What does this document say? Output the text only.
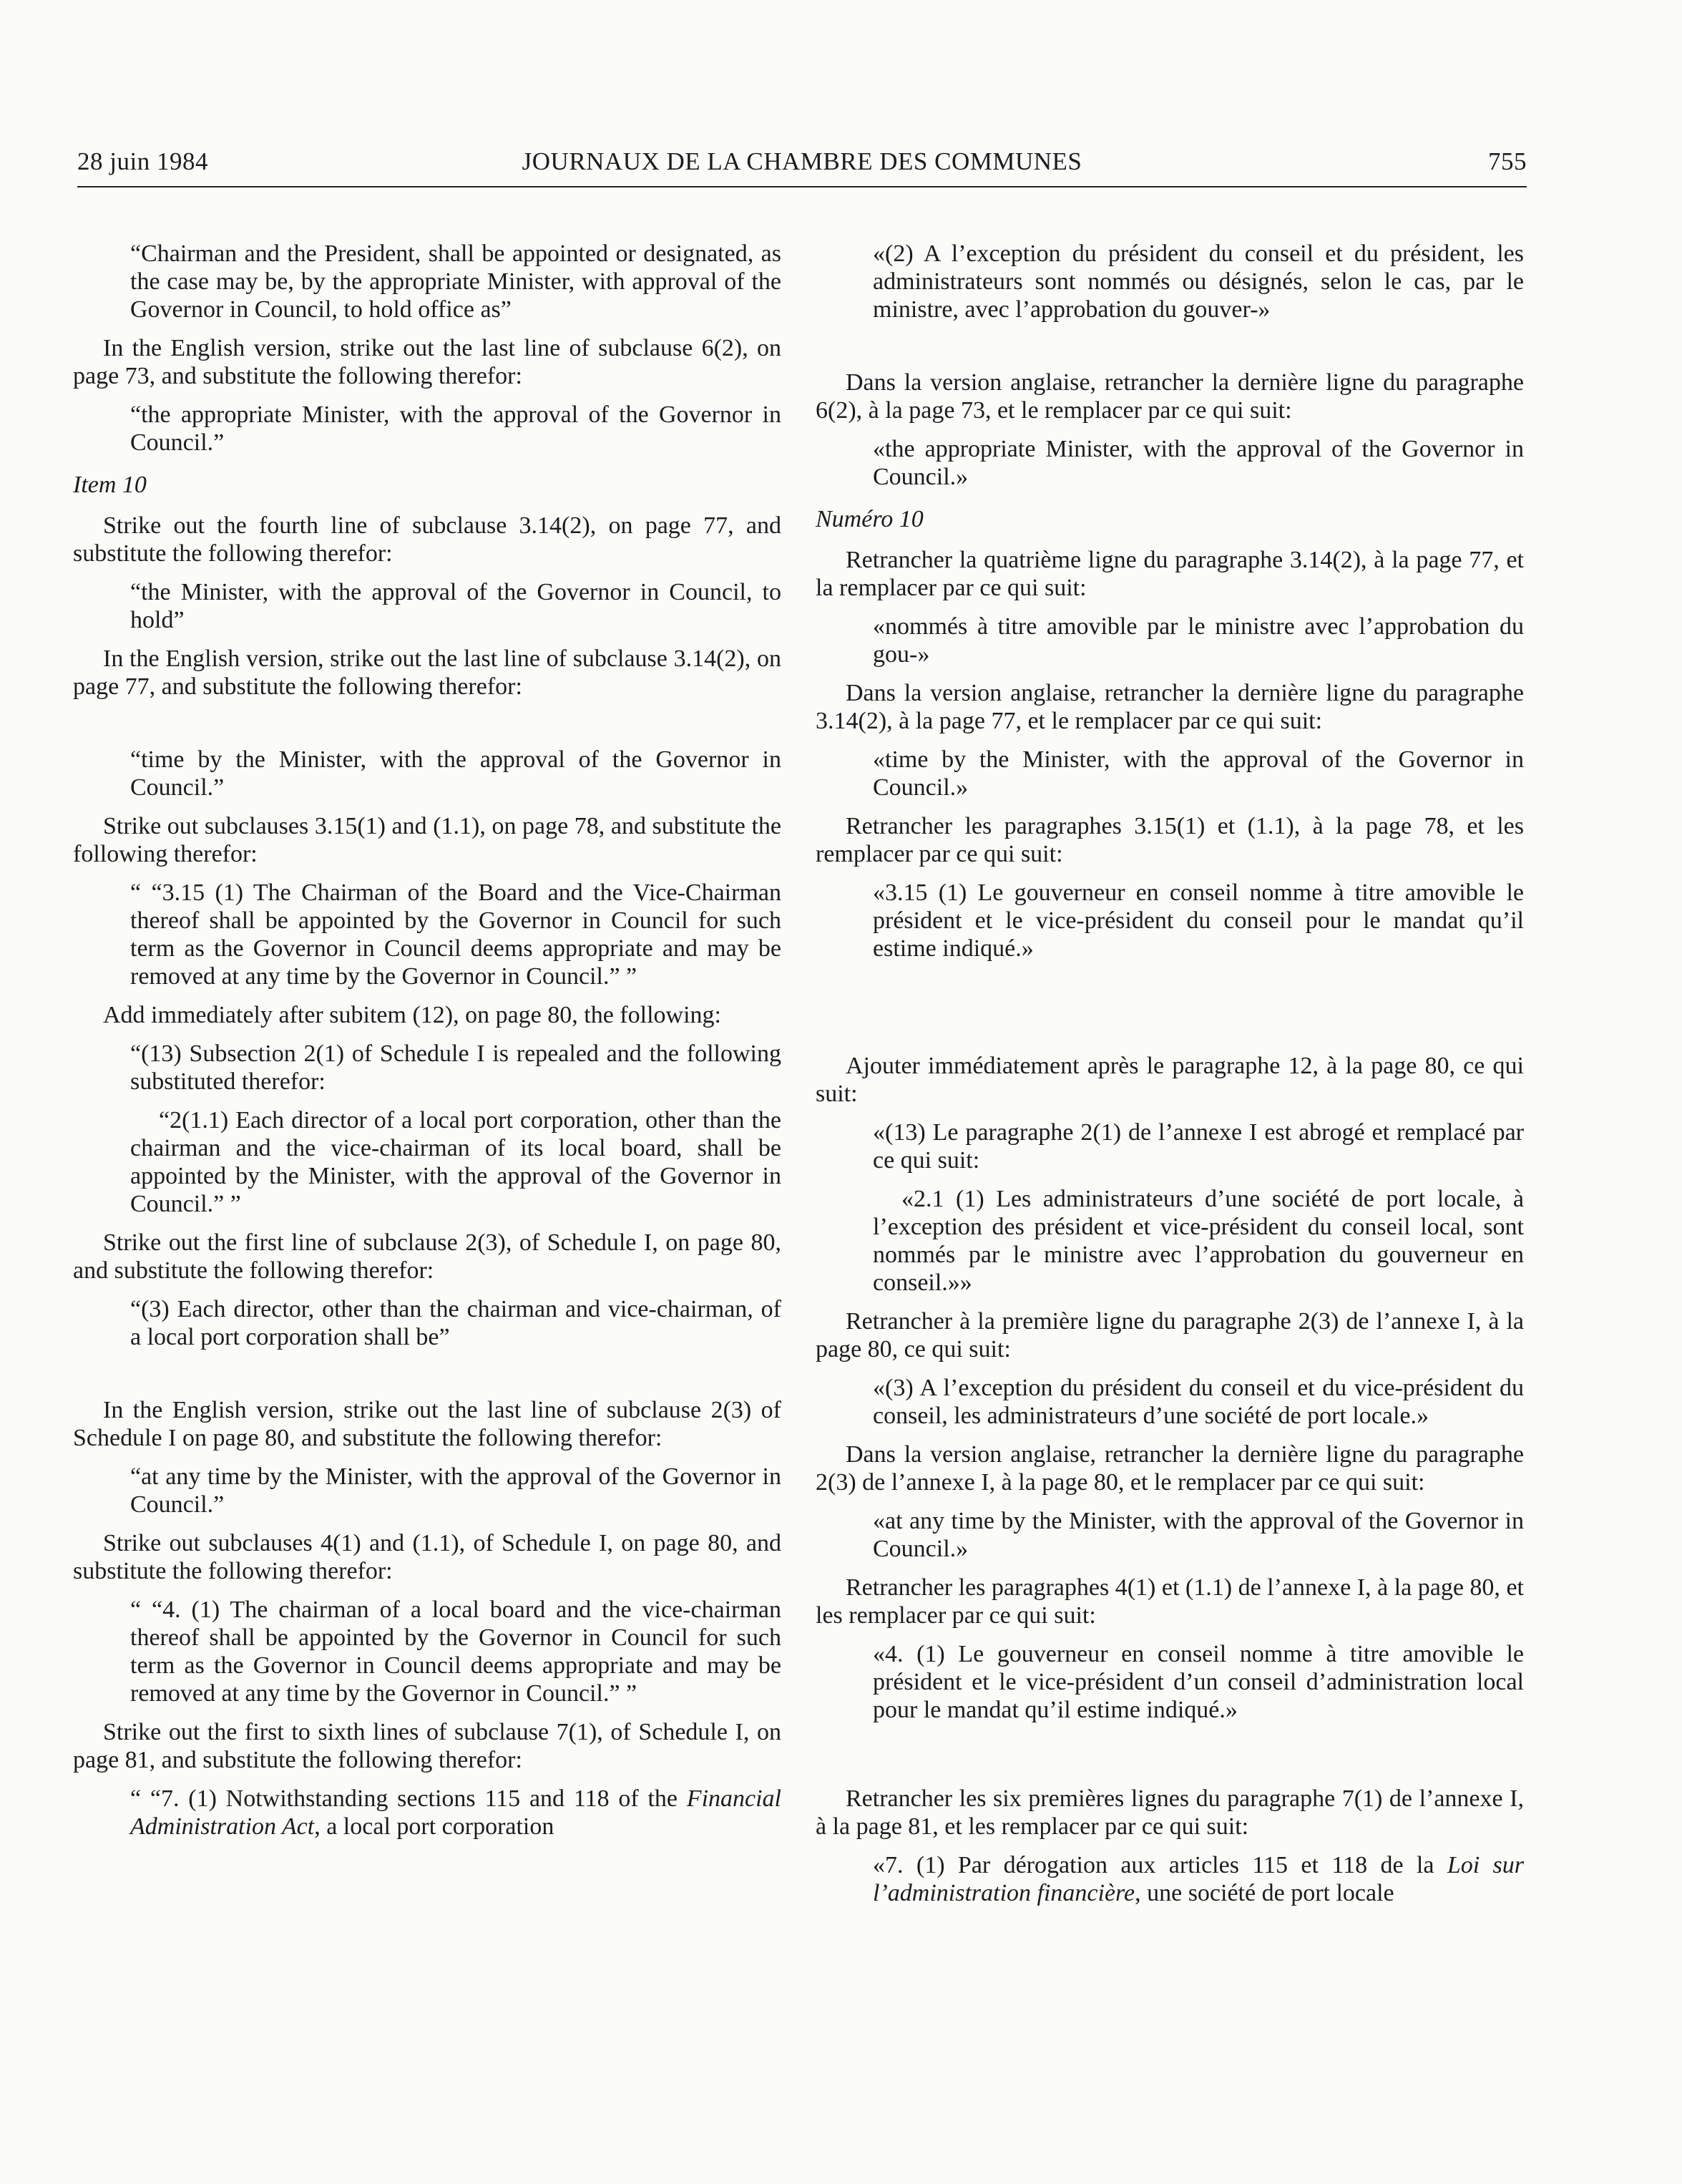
28 juin 1984	JOURNAUX DE LA CHAMBRE DES COMMUNES	755

“Chairman and the President, shall be appointed or designated, as the case may be, by the appropriate Minister, with approval of the Governor in Council, to hold office as”

In the English version, strike out the last line of subclause 6(2), on page 73, and substitute the following therefor:

“the appropriate Minister, with the approval of the Governor in Council.”

Item 10

Strike out the fourth line of subclause 3.14(2), on page 77, and substitute the following therefor:

“the Minister, with the approval of the Governor in Council, to hold”

In the English version, strike out the last line of subclause 3.14(2), on page 77, and substitute the following therefor:

“time by the Minister, with the approval of the Governor in Council.”

Strike out subclauses 3.15(1) and (1.1), on page 78, and substitute the following therefor:

“ “3.15 (1) The Chairman of the Board and the Vice-Chairman thereof shall be appointed by the Governor in Council for such term as the Governor in Council deems appropriate and may be removed at any time by the Governor in Council.” ”

Add immediately after subitem (12), on page 80, the following:

“(13) Subsection 2(1) of Schedule I is repealed and the following substituted therefor:

“2(1.1) Each director of a local port corporation, other than the chairman and the vice-chairman of its local board, shall be appointed by the Minister, with the approval of the Governor in Council.” ”

Strike out the first line of subclause 2(3), of Schedule I, on page 80, and substitute the following therefor:

“(3) Each director, other than the chairman and vice-chairman, of a local port corporation shall be”

In the English version, strike out the last line of subclause 2(3) of Schedule I on page 80, and substitute the following therefor:

“at any time by the Minister, with the approval of the Governor in Council.”

Strike out subclauses 4(1) and (1.1), of Schedule I, on page 80, and substitute the following therefor:

“ “4. (1) The chairman of a local board and the vice-chairman thereof shall be appointed by the Governor in Council for such term as the Governor in Council deems appropriate and may be removed at any time by the Governor in Council.” ”

Strike out the first to sixth lines of subclause 7(1), of Schedule I, on page 81, and substitute the following therefor:

“ “7. (1) Notwithstanding sections 115 and 118 of the Financial Administration Act, a local port corporation

«(2) A l’exception du président du conseil et du président, les administrateurs sont nommés ou désignés, selon le cas, par le ministre, avec l’approbation du gouver-»

Dans la version anglaise, retrancher la dernière ligne du paragraphe 6(2), à la page 73, et le remplacer par ce qui suit:

«the appropriate Minister, with the approval of the Governor in Council.»

Numéro 10

Retrancher la quatrième ligne du paragraphe 3.14(2), à la page 77, et la remplacer par ce qui suit:

«nommés à titre amovible par le ministre avec l’approbation du gou-»

Dans la version anglaise, retrancher la dernière ligne du paragraphe 3.14(2), à la page 77, et le remplacer par ce qui suit:

«time by the Minister, with the approval of the Governor in Council.»

Retrancher les paragraphes 3.15(1) et (1.1), à la page 78, et les remplacer par ce qui suit:

«3.15 (1) Le gouverneur en conseil nomme à titre amovible le président et le vice-président du conseil pour le mandat qu’il estime indiqué.»

Ajouter immédiatement après le paragraphe 12, à la page 80, ce qui suit:

«(13) Le paragraphe 2(1) de l’annexe I est abrogé et remplacé par ce qui suit:

«2.1 (1) Les administrateurs d’une société de port locale, à l’exception des président et vice-président du conseil local, sont nommés par le ministre avec l’approbation du gouverneur en conseil.»»

Retrancher à la première ligne du paragraphe 2(3) de l’annexe I, à la page 80, ce qui suit:

«(3) A l’exception du président du conseil et du vice-président du conseil, les administrateurs d’une société de port locale.»

Dans la version anglaise, retrancher la dernière ligne du paragraphe 2(3) de l’annexe I, à la page 80, et le remplacer par ce qui suit:

«at any time by the Minister, with the approval of the Governor in Council.»

Retrancher les paragraphes 4(1) et (1.1) de l’annexe I, à la page 80, et les remplacer par ce qui suit:

«4. (1) Le gouverneur en conseil nomme à titre amovible le président et le vice-président d’un conseil d’administration local pour le mandat qu’il estime indiqué.»

Retrancher les six premières lignes du paragraphe 7(1) de l’annexe I, à la page 81, et les remplacer par ce qui suit:

«7. (1) Par dérogation aux articles 115 et 118 de la Loi sur l’administration financière, une société de port locale
